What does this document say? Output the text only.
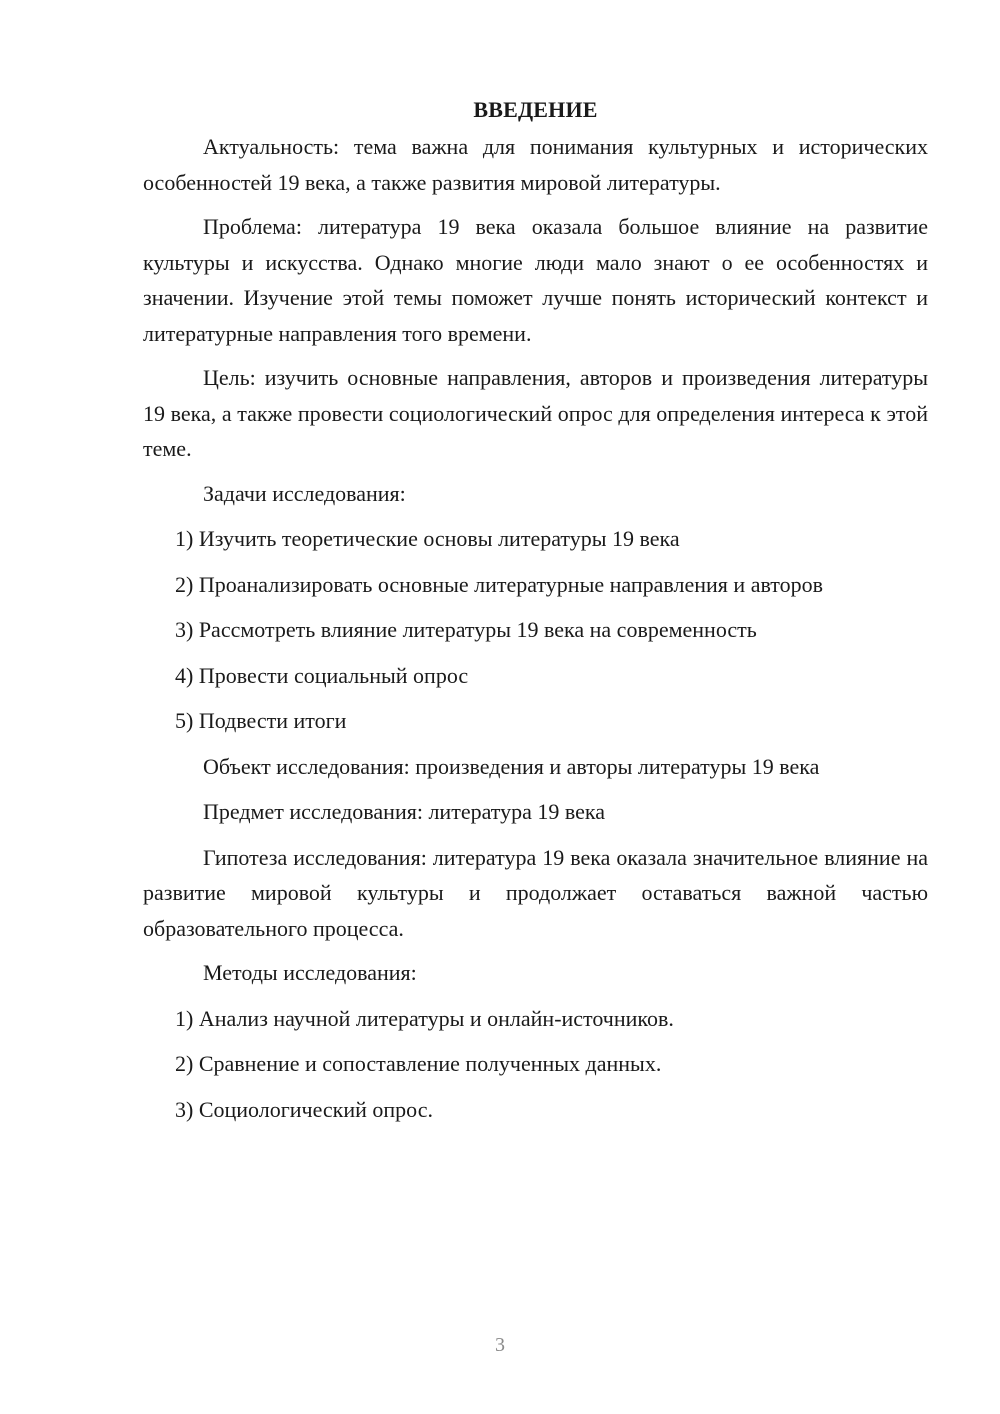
ВВЕДЕНИЕ
Актуальность: тема важна для понимания культурных и исторических особенностей 19 века, а также развития мировой литературы.
Проблема: литература 19 века оказала большое влияние на развитие культуры и искусства. Однако многие люди мало знают о ее особенностях и значении. Изучение этой темы поможет лучше понять исторический контекст и литературные направления того времени.
Цель: изучить основные направления, авторов и произведения литературы 19 века, а также провести социологический опрос для определения интереса к этой теме.
Задачи исследования:
1) Изучить теоретические основы литературы 19 века
2) Проанализировать основные литературные направления и авторов
3) Рассмотреть влияние литературы 19 века на современность
4) Провести социальный опрос
5) Подвести итоги
Объект исследования: произведения и авторы литературы 19 века
Предмет исследования: литература 19 века
Гипотеза исследования: литература 19 века оказала значительное влияние на развитие мировой культуры и продолжает оставаться важной частью образовательного процесса.
Методы исследования:
1) Анализ научной литературы и онлайн-источников.
2) Сравнение и сопоставление полученных данных.
3) Социологический опрос.
3
